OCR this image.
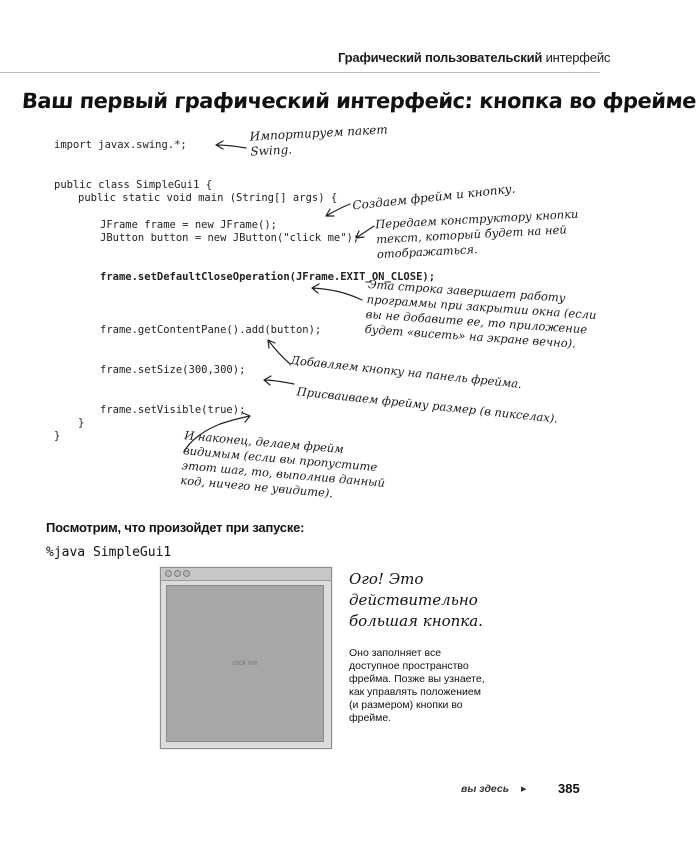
Графический пользовательский интерфейс
Ваш первый графический интерфейс: кнопка во фрейме
import javax.swing.*;
public class SimpleGui1 {
public static void main (String[] args) {
JFrame frame = new JFrame();
JButton button = new JButton("click me");
frame.setDefaultCloseOperation(JFrame.EXIT_ON_CLOSE);
frame.getContentPane().add(button);
frame.setSize(300,300);
frame.setVisible(true);
}
}
Импортируем пакет
Swing.
Создаем фрейм и кнопку.
Передаем конструктору кнопки
текст, который будет на ней
отображаться.
Эта строка завершает работу
программы при закрытии окна (если
вы не добавите ее, то приложение
будет «висеть» на экране вечно).
Добавляем кнопку на панель фрейма.
Присваиваем фрейму размер (в пикселах).
И наконец, делаем фрейм
видимым (если вы пропустите
этот шаг, то, выполнив данный
код, ничего не увидите).
Посмотрим, что произойдет при запуске:
%java SimpleGui1
click me
Ого! Это
действительно
большая кнопка.
Оно заполняет все
доступное пространство
фрейма. Позже вы узнаете,
как управлять положением
(и размером) кнопки во
фрейме.
вы здесь ▸ 385
